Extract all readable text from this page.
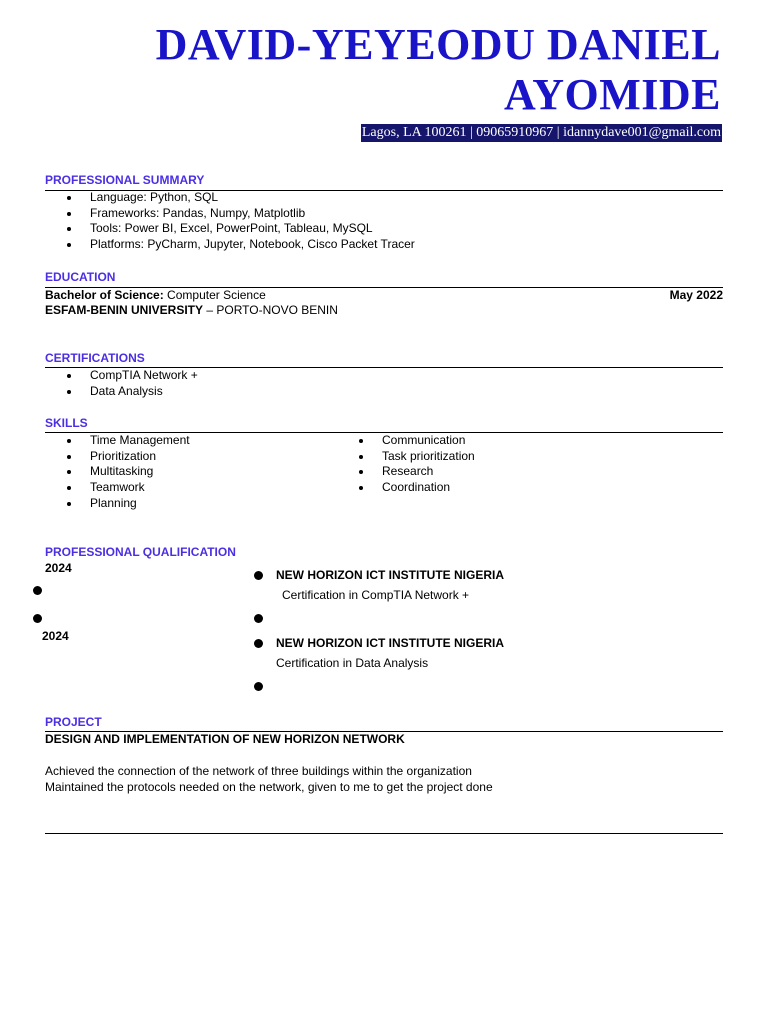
DAVID-YEYEODU DANIEL
AYOMIDE
Lagos, LA 100261 | 09065910967 | idannydave001@gmail.com
PROFESSIONAL SUMMARY
Language: Python, SQL
Frameworks: Pandas, Numpy, Matplotlib
Tools: Power BI, Excel, PowerPoint, Tableau, MySQL
Platforms: PyCharm, Jupyter, Notebook, Cisco Packet Tracer
EDUCATION
Bachelor of Science: Computer Science	May 2022
ESFAM-BENIN UNIVERSITY – PORTO-NOVO BENIN
CERTIFICATIONS
CompTIA Network +
Data Analysis
SKILLS
Time Management
Prioritization
Multitasking
Teamwork
Planning
Communication
Task prioritization
Research
Coordination
PROFESSIONAL QUALIFICATION
2024
2024
NEW HORIZON ICT INSTITUTE NIGERIA
Certification in CompTIA Network +
NEW HORIZON ICT INSTITUTE NIGERIA
Certification in Data Analysis
PROJECT
DESIGN AND IMPLEMENTATION OF NEW HORIZON NETWORK
Achieved the connection of the network of three buildings within the organization
Maintained the protocols needed on the network, given to me to get the project done
